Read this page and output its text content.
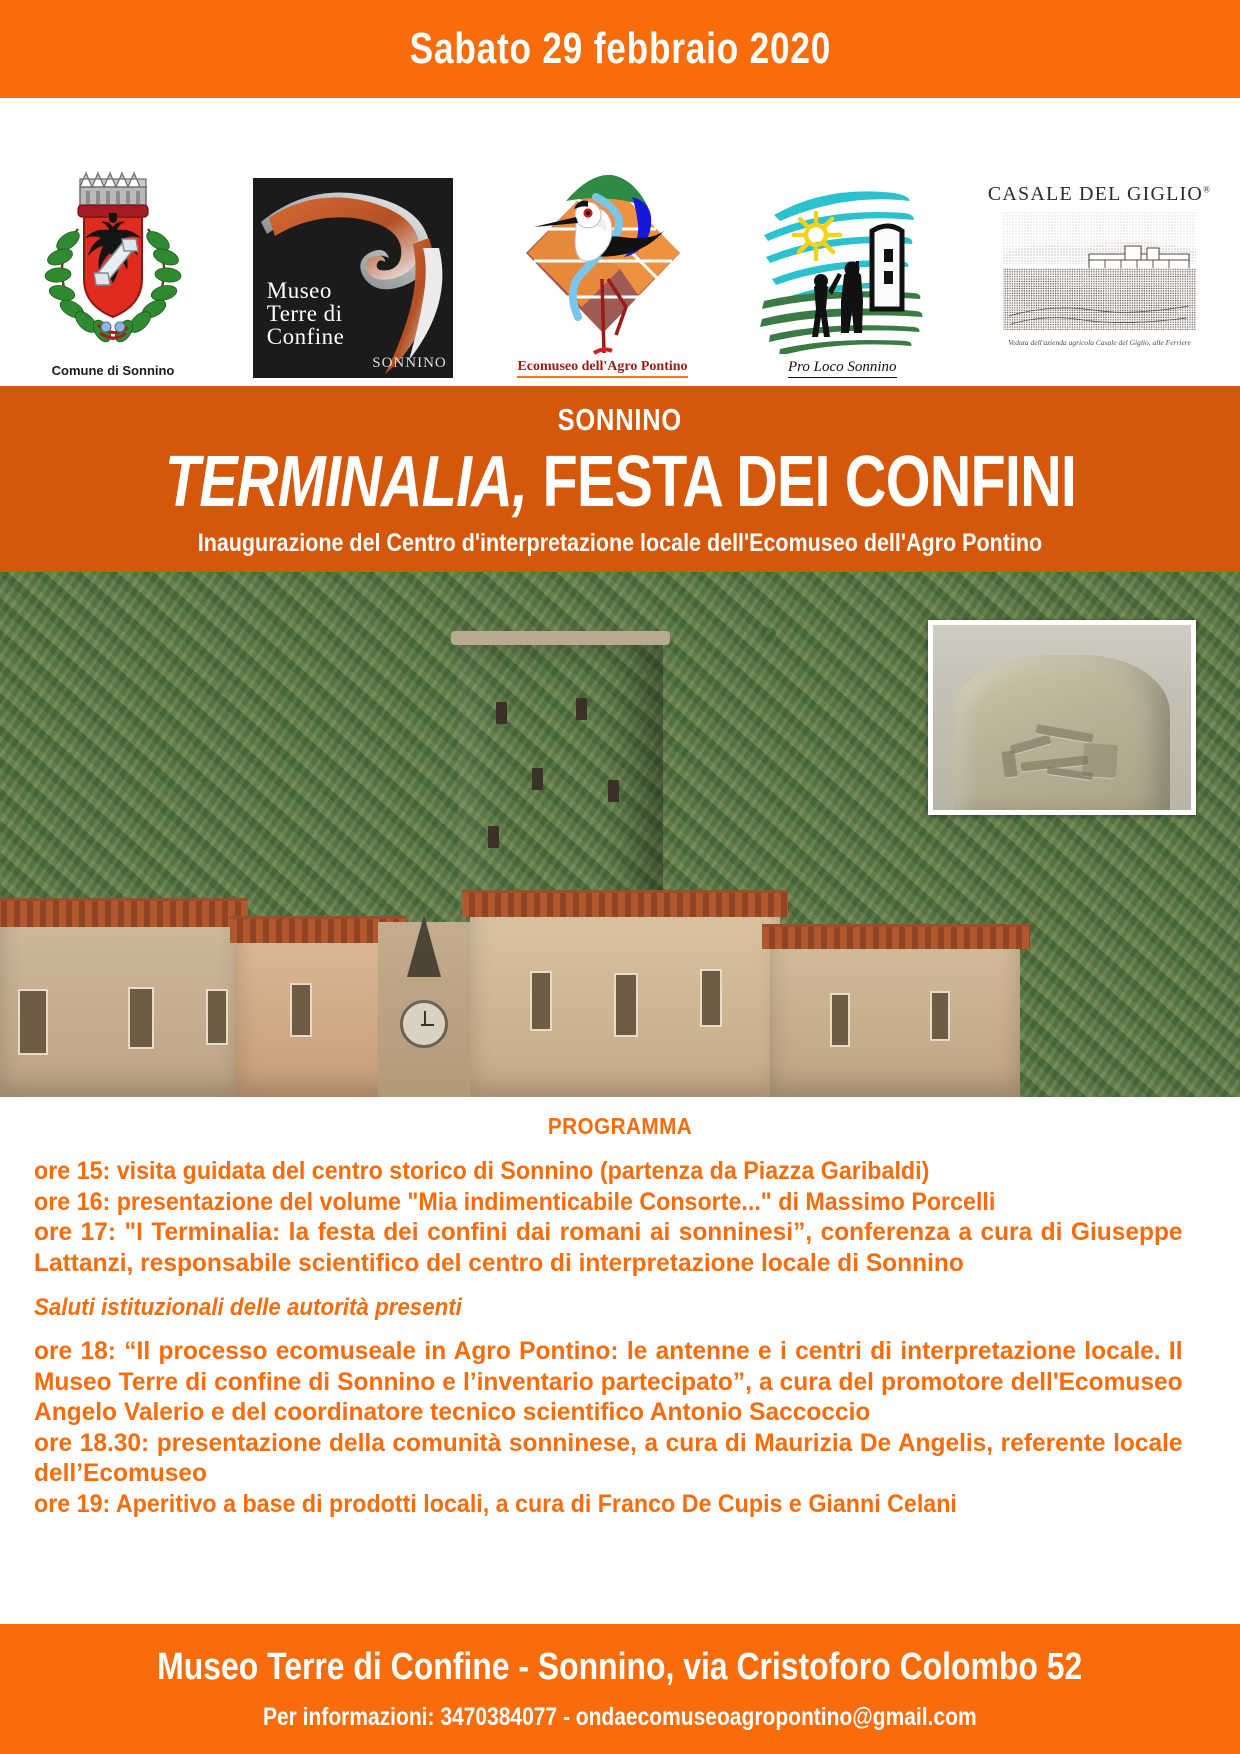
Sabato 29 febbraio 2020
Comune di Sonnino
Museo
Terre di
Confine
SONNINO	Ecomuseo dell'Agro Pontino	Pro Loco Sonnino
CASALE DEL GIGLIO®
Veduta dell'azienda agricola Casale del Giglio, alle Ferriere
SONNINO
TERMINALIA, FESTA DEI CONFINI
Inaugurazione del Centro d'interpretazione locale dell'Ecomuseo dell'Agro Pontino
PROGRAMMA
ore 15: visita guidata del centro storico di Sonnino (partenza da Piazza Garibaldi)
ore 16: presentazione del volume "Mia indimenticabile Consorte..." di Massimo Porcelli
ore 17: "I Terminalia: la festa dei confini dai romani ai sonninesi”, conferenza a cura di Giuseppe Lattanzi, responsabile scientifico del centro di interpretazione locale di Sonnino
Saluti istituzionali delle autorità presenti
ore 18: “Il processo ecomuseale in Agro Pontino: le antenne e i centri di interpretazione locale. Il Museo Terre di confine di Sonnino e l’inventario partecipato”, a cura del promotore dell'Ecomuseo Angelo Valerio e del coordinatore tecnico scientifico Antonio Saccoccio
ore 18.30: presentazione della comunità sonninese, a cura di Maurizia De Angelis, referente locale dell’Ecomuseo
ore 19: Aperitivo a base di prodotti locali, a cura di Franco De Cupis e Gianni Celani
Museo Terre di Confine - Sonnino, via Cristoforo Colombo 52
Per informazioni: 3470384077 - ondaecomuseoagropontino@gmail.com
